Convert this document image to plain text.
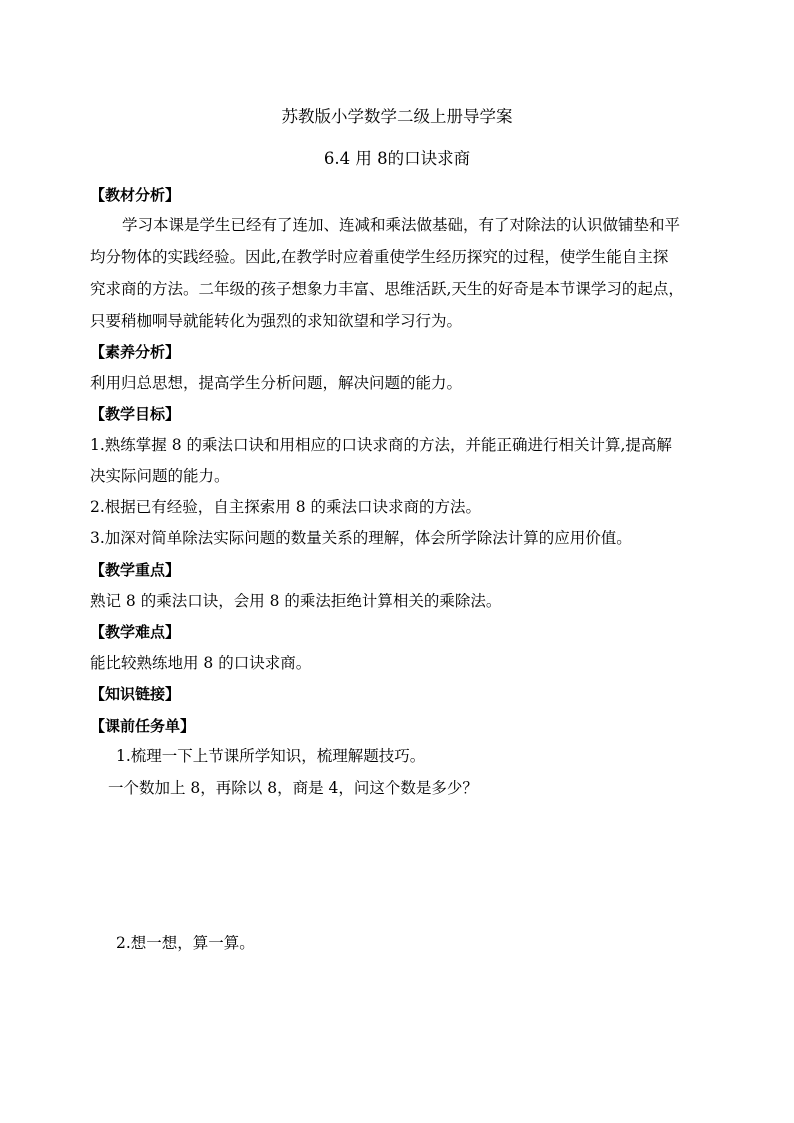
苏教版小学数学二级上册导学案
6.4 用 8的口诀求商
【教材分析】
学习本课是学生已经有了连加、连减和乘法做基础，有了对除法的认识做铺垫和平
均分物体的实践经验。因此,在教学时应着重使学生经历探究的过程，使学生能自主探
究求商的方法。二年级的孩子想象力丰富、思维活跃,天生的好奇是本节课学习的起点，
只要稍枷哃导就能转化为强烈的求知欲望和学习行为。
【素养分析】
利用归总思想，提高学生分析问题，解决问题的能力。
【教学目标】
1.熟练掌握 8 的乘法口诀和用相应的口诀求商的方法，并能正确进行相关计算,提高解
决实际问题的能力。
2.根据已有经验，自主探索用 8 的乘法口诀求商的方法。
3.加深对简单除法实际问题的数量关系的理解，体会所学除法计算的应用价值。
【教学重点】
熟记 8 的乘法口诀，会用 8 的乘法拒绝计算相关的乘除法。
【教学难点】
能比较熟练地用 8 的口诀求商。
【知识链接】
【课前任务单】
1.梳理一下上节课所学知识，梳理解题技巧。
一个数加上 8，再除以 8，商是 4，问这个数是多少？
2.想一想，算一算。
